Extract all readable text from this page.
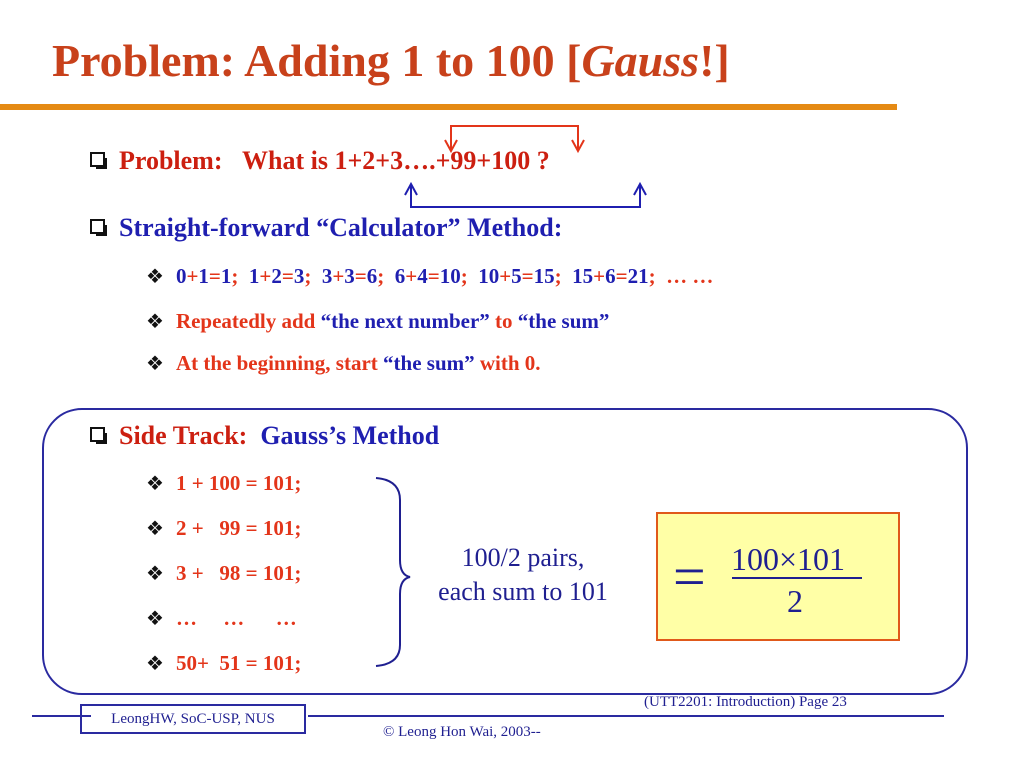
Problem: Adding 1 to 100 [Gauss!]
Problem: What is 1+2+3….+99+100 ?
Straight-forward “Calculator” Method:
❖ 0+1=1; 1+2=3; 3+3=6; 6+4=10; 10+5=15; 15+6=21; … …
❖ Repeatedly add “the next number” to “the sum”
❖ At the beginning, start “the sum” with 0.
Side Track: Gauss’s Method
❖ 1 + 100 = 101;
❖ 2 +   99 = 101;
❖ 3 +   98 = 101;
❖ …     …      …
❖ 50+  51 = 101;
100/2 pairs,
each sum to 101	= 100×101
2
LeongHW, SoC-USP, NUS
(UTT2201: Introduction) Page 23
© Leong Hon Wai, 2003--
